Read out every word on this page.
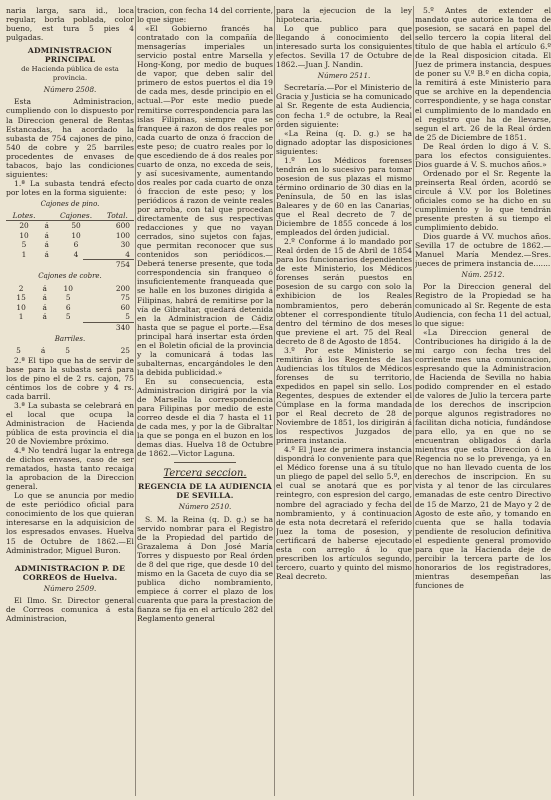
naria larga, sara id., loca regular, borla poblada, color bueno, est tura 5 pies 4 pulgadas.

ADMINISTRACION PRINCIPAL
de Hacienda pública de esta provincia.
Número 2508.

Esta Administracion, cumpliendo con lo dispuesto por la Direccion general de Rentas Estancadas, ha acordado la subasta de 754 cajones de pino, 540 de cobre y 25 barriles procedentes de envases de tabacos, bajo las condiciones siguientes:

1.ª La subasta tendrá efecto por lotes en la forma siguiente:

Cajones de pino.
Lotes.		Cajones.	Total.
20	á	50	600
10	á	10	100
5	á	6	30
1	á	4	4
754
Cajones de cobre.
2	á	10	200
15	á	5	75
10	á	6	60
1	á	5	5
340
Barriles.
5	á	5	25

2.ª El tipo que ha de servir de base para la subasta será para los de pino el de 2 rs. cajon, 75 céntimos los de cobre y 4 rs. cada barril.

3.ª La subasta se celebrará en el local que ocupa la Administracion de Hacienda pública de esta provincia el dia 20 de Noviembre próximo.

4.ª No tendrá lugar la entrega de dichos envases, caso de ser rematados, hasta tanto recaiga la aprobacion de la Direccion general.

Lo que se anuncia por medio de este periódico oficial para conocimiento de los que quieran interesarse en la adquisicion de los espresados envases. Huelva 15 de Octubre de 1862.—El Administrador, Miguel Buron.

ADMINISTRACION P. DE CORREOS de Huelva.
Número 2509.

El Ilmo. Sr. Director general de Correos comunica á esta Administracion,

tracion, con fecha 14 del corriente, lo que sigue:

«El Gobierno francés ha contratado con la compañía de mensagerías imperiales un servicio postal entre Marsella y Hong-Kong, por medio de buques de vapor, que deben salir del primero de estos puertos el dia 19 de cada mes, desde principio en el actual.—Por este medio puede remitirse correspondencia para las islas Filipinas, siempre que se franquee á razon de dos reales por cada cuarto de onza ó fraccion de este peso; de cuatro reales por lo que escediendo de á dos reales por cuarto de onza, no exceda de seis, y así sucesivamente, aumentando dos reales por cada cuarto de onza ó fraccion de este peso; y los periódicos á razon de veinte reales por arroba, con tal que procedan directamente de sus respectivas redacciones y que no vayan cerrados, sino sujetos con fajas, que permitan reconocer que sus contenidos son periódicos.—Deberá tenerse presente, que toda correspondencia sin franqueo ó insuficientemente franqueada que se halle en los buzones dirigida á Filipinas, habrá de remitirse por la vía de Gibraltar, quedará detenida en la Administracion de Cádiz hasta que se pague el porte.—Esa principal hará insertar esta órden en el Boletin oficial de la provincia y la comunicará á todas las subalternas, encargándoles le den la debida publicidad.»

En su consecuencia, esta Administracion dirigirá por la vía de Marsella la correspondencia para Filipinas por medio de este correo desde el dia 7 hasta el 11 de cada mes, y por la de Gibraltar la que se ponga en el buzon en los demas dias. Huelva 18 de Octubre de 1862.—Victor Laguna.

Tercera seccion.
REGENCIA DE LA AUDIENCIA DE SEVILLA.
Número 2510.

S. M. la Reina (q. D. g.) se ha servido nombrar para el Registro de la Propiedad del partido de Grazalema á Don José María Torres y dispuesto por Real órden de 8 del que rige, que desde 10 del mismo en la Gaceta de cuyo dia se publica dicho nombramiento, empiece á correr el plazo de los cuarenta que para la prestacion de fianza se fija en el artículo 282 del Reglamento general

para la ejecucion de la ley hipotecaria.

Lo que publico para que llegando á conocimiento del interesado surta los consiguientes efectos. Sevilla 17 de Octubre de 1862.—Juan J. Nandin.

Número 2511.

Secretaría.—Por el Ministerio de Gracia y Justicia se ha comunicado al Sr. Regente de esta Audiencia, con fecha 1.º de octubre, la Real órden siguiente:

«La Reina (q. D. g.) se ha dignado adoptar las disposiciones siguientes:

1.º Los Médicos forenses tendrán en lo sucesivo para tomar posesion de sus plazas el mismo término ordinario de 30 dias en la Península, de 50 en las islas Baleares y de 60 en las Canarias, que el Real decreto de 7 de Diciembre de 1855 concede á los empleados del órden judicial.

2.º Conforme á lo mandado por Real órden de 15 de Abril de 1854 para los funcionarios dependientes de este Ministerio, los Médicos forenses serán puestos en posesion de su cargo con solo la exhibicion de los Reales nombramientos, pero deberán obtener el correspondiente título dentro del término de dos meses que previene el art. 75 del Real decreto de 8 de Agosto de 1854.

3.º Por este Ministerio se remitirán á los Regentes de las Audiencias los títulos de Médicos forenses de su territorio, expedidos en papel sin sello. Los Regentes, despues de extender el Cúmplase en la forma mandada por el Real decreto de 28 de Noviembre de 1851, los dirigirán á los respectivos Juzgados de primera instancia.

4.º El Juez de primera instancia dispondrá lo conveniente para que el Médico forense una á su título un pliego de papel del sello 5.º, en el cual se anotará que es por reintegro, con espresion del cargo, nombre del agraciado y fecha del nombramiento, y á continuacion de esta nota decretará el referido Juez la toma de posesion, y certificará de haberse ejecutado esta con arreglo á lo que prescriben los artículos segundo, tercero, cuarto y quinto del mismo Real decreto.

5.º Antes de extender el mandato que autorice la toma de posesion, se sacará en papel del sello tercero la copia literal del título de que habla el artículo 6.º de la Real disposicion citada. El Juez de primera instancia, despues de poner su V.º B.º en dicha copia, la remitirá á este Ministerio para que se archive en la dependencia correspondiente, y se haga constar el cumplimiento de lo mandado en el registro que ha de llevarse, segun el art. 26 de la Real órden de 25 de Diciembre de 1851.

De Real órden lo digo á V. S. para los efectos consiguientes. Dios guarde á V. S. muchos años.»

Ordenado por el Sr. Regente la preinserta Real órden, acordó se circule á V.V. por los Boletines oficiales como se ha dicho en su cumplimiento y lo que tendrán presente presten á su tiempo el cumplimiento debido.

Dios guarde á VV. muchos años. Sevilla 17 de octubre de 1862.—Manuel María Mendez.—Sres. jueces de primera instancia de.......

Núm. 2512.

Por la Direccion general del Registro de la Propiedad se ha comunicado al Sr. Regente de esta Audiencia, con fecha 11 del actual, lo que sigue:

«La Direccion general de Contribuciones ha dirigido á la de mi cargo con fecha tres del corriente mes una comunicacion, espresando que la Administracion de Hacienda de Sevilla no habia podido comprender en el estado de valores de Julio la tercera parte de los derechos de inscripcion porque algunos registradores no facilitan dicha noticia, fundándose para ello, ya en que no se encuentran obligados á darla mientras que esta Direccion ó la Regencia no se lo prevenga, ya en que no han llevado cuenta de los derechos de inscripcion. En su vista y al tenor de las circulares emanadas de este centro Directivo de 15 de Marzo, 21 de Mayo y 2 de Agosto de este año, y tomando en cuenta que se halla todavía pendiente de resolucion definitiva el espediente general promovido para que la Hacienda deje de percibir la tercera parte de los honorarios de los registradores, mientras desempeñan las funciones de
